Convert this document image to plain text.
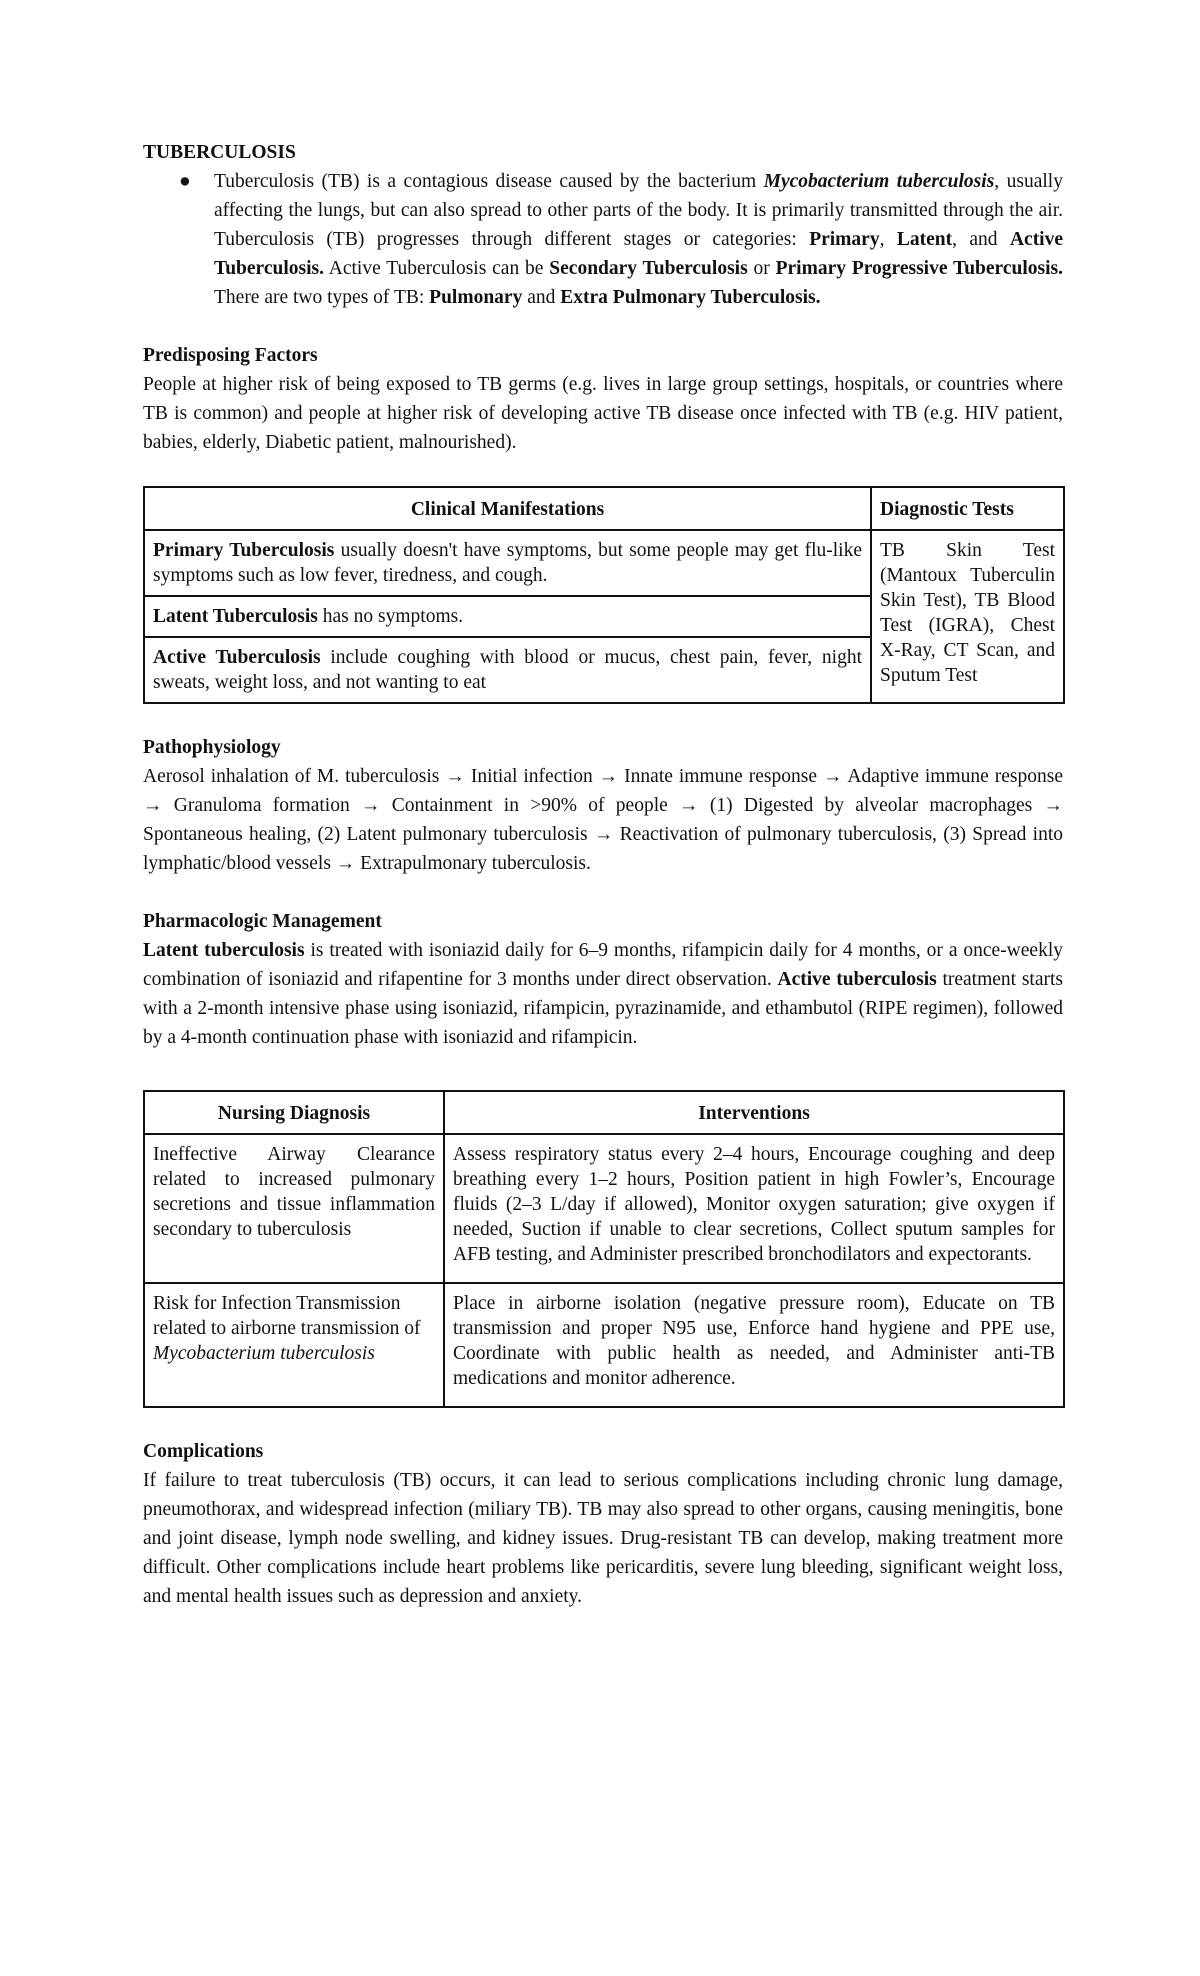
TUBERCULOSIS
● Tuberculosis (TB) is a contagious disease caused by the bacterium Mycobacterium tuberculosis, usually affecting the lungs, but can also spread to other parts of the body. It is primarily transmitted through the air. Tuberculosis (TB) progresses through different stages or categories: Primary, Latent, and Active Tuberculosis. Active Tuberculosis can be Secondary Tuberculosis or Primary Progressive Tuberculosis. There are two types of TB: Pulmonary and Extra Pulmonary Tuberculosis.
Predisposing Factors

People at higher risk of being exposed to TB germs (e.g. lives in large group settings, hospitals, or countries where TB is common) and people at higher risk of developing active TB disease once infected with TB (e.g. HIV patient, babies, elderly, Diabetic patient, malnourished).

Clinical Manifestations	Diagnostic Tests
Primary Tuberculosis usually doesn't have symptoms, but some people may get flu-like symptoms such as low fever, tiredness, and cough.	TB Skin Test (Mantoux Tuberculin Skin Test), TB Blood Test (IGRA), Chest X-Ray, CT Scan, and Sputum Test
Latent Tuberculosis has no symptoms.	
Active Tuberculosis include coughing with blood or mucus, chest pain, fever, night sweats, weight loss, and not wanting to eat	
Pathophysiology

Aerosol inhalation of M. tuberculosis → Initial infection → Innate immune response → Adaptive immune response → Granuloma formation → Containment in >90% of people → (1) Digested by alveolar macrophages → Spontaneous healing, (2) Latent pulmonary tuberculosis → Reactivation of pulmonary tuberculosis, (3) Spread into lymphatic/blood vessels → Extrapulmonary tuberculosis.

Pharmacologic Management

Latent tuberculosis is treated with isoniazid daily for 6–9 months, rifampicin daily for 4 months, or a once-weekly combination of isoniazid and rifapentine for 3 months under direct observation. Active tuberculosis treatment starts with a 2-month intensive phase using isoniazid, rifampicin, pyrazinamide, and ethambutol (RIPE regimen), followed by a 4-month continuation phase with isoniazid and rifampicin.

Nursing Diagnosis	Interventions
Ineffective Airway Clearance related to increased pulmonary secretions and tissue inflammation secondary to tuberculosis	Assess respiratory status every 2–4 hours, Encourage coughing and deep breathing every 1–2 hours, Position patient in high Fowler’s, Encourage fluids (2–3 L/day if allowed), Monitor oxygen saturation; give oxygen if needed, Suction if unable to clear secretions, Collect sputum samples for AFB testing, and Administer prescribed bronchodilators and expectorants.
Risk for Infection Transmission related to airborne transmission of Mycobacterium tuberculosis	Place in airborne isolation (negative pressure room), Educate on TB transmission and proper N95 use, Enforce hand hygiene and PPE use, Coordinate with public health as needed, and Administer anti-TB medications and monitor adherence.
Complications

If failure to treat tuberculosis (TB) occurs, it can lead to serious complications including chronic lung damage, pneumothorax, and widespread infection (miliary TB). TB may also spread to other organs, causing meningitis, bone and joint disease, lymph node swelling, and kidney issues. Drug-resistant TB can develop, making treatment more difficult. Other complications include heart problems like pericarditis, severe lung bleeding, significant weight loss, and mental health issues such as depression and anxiety.
